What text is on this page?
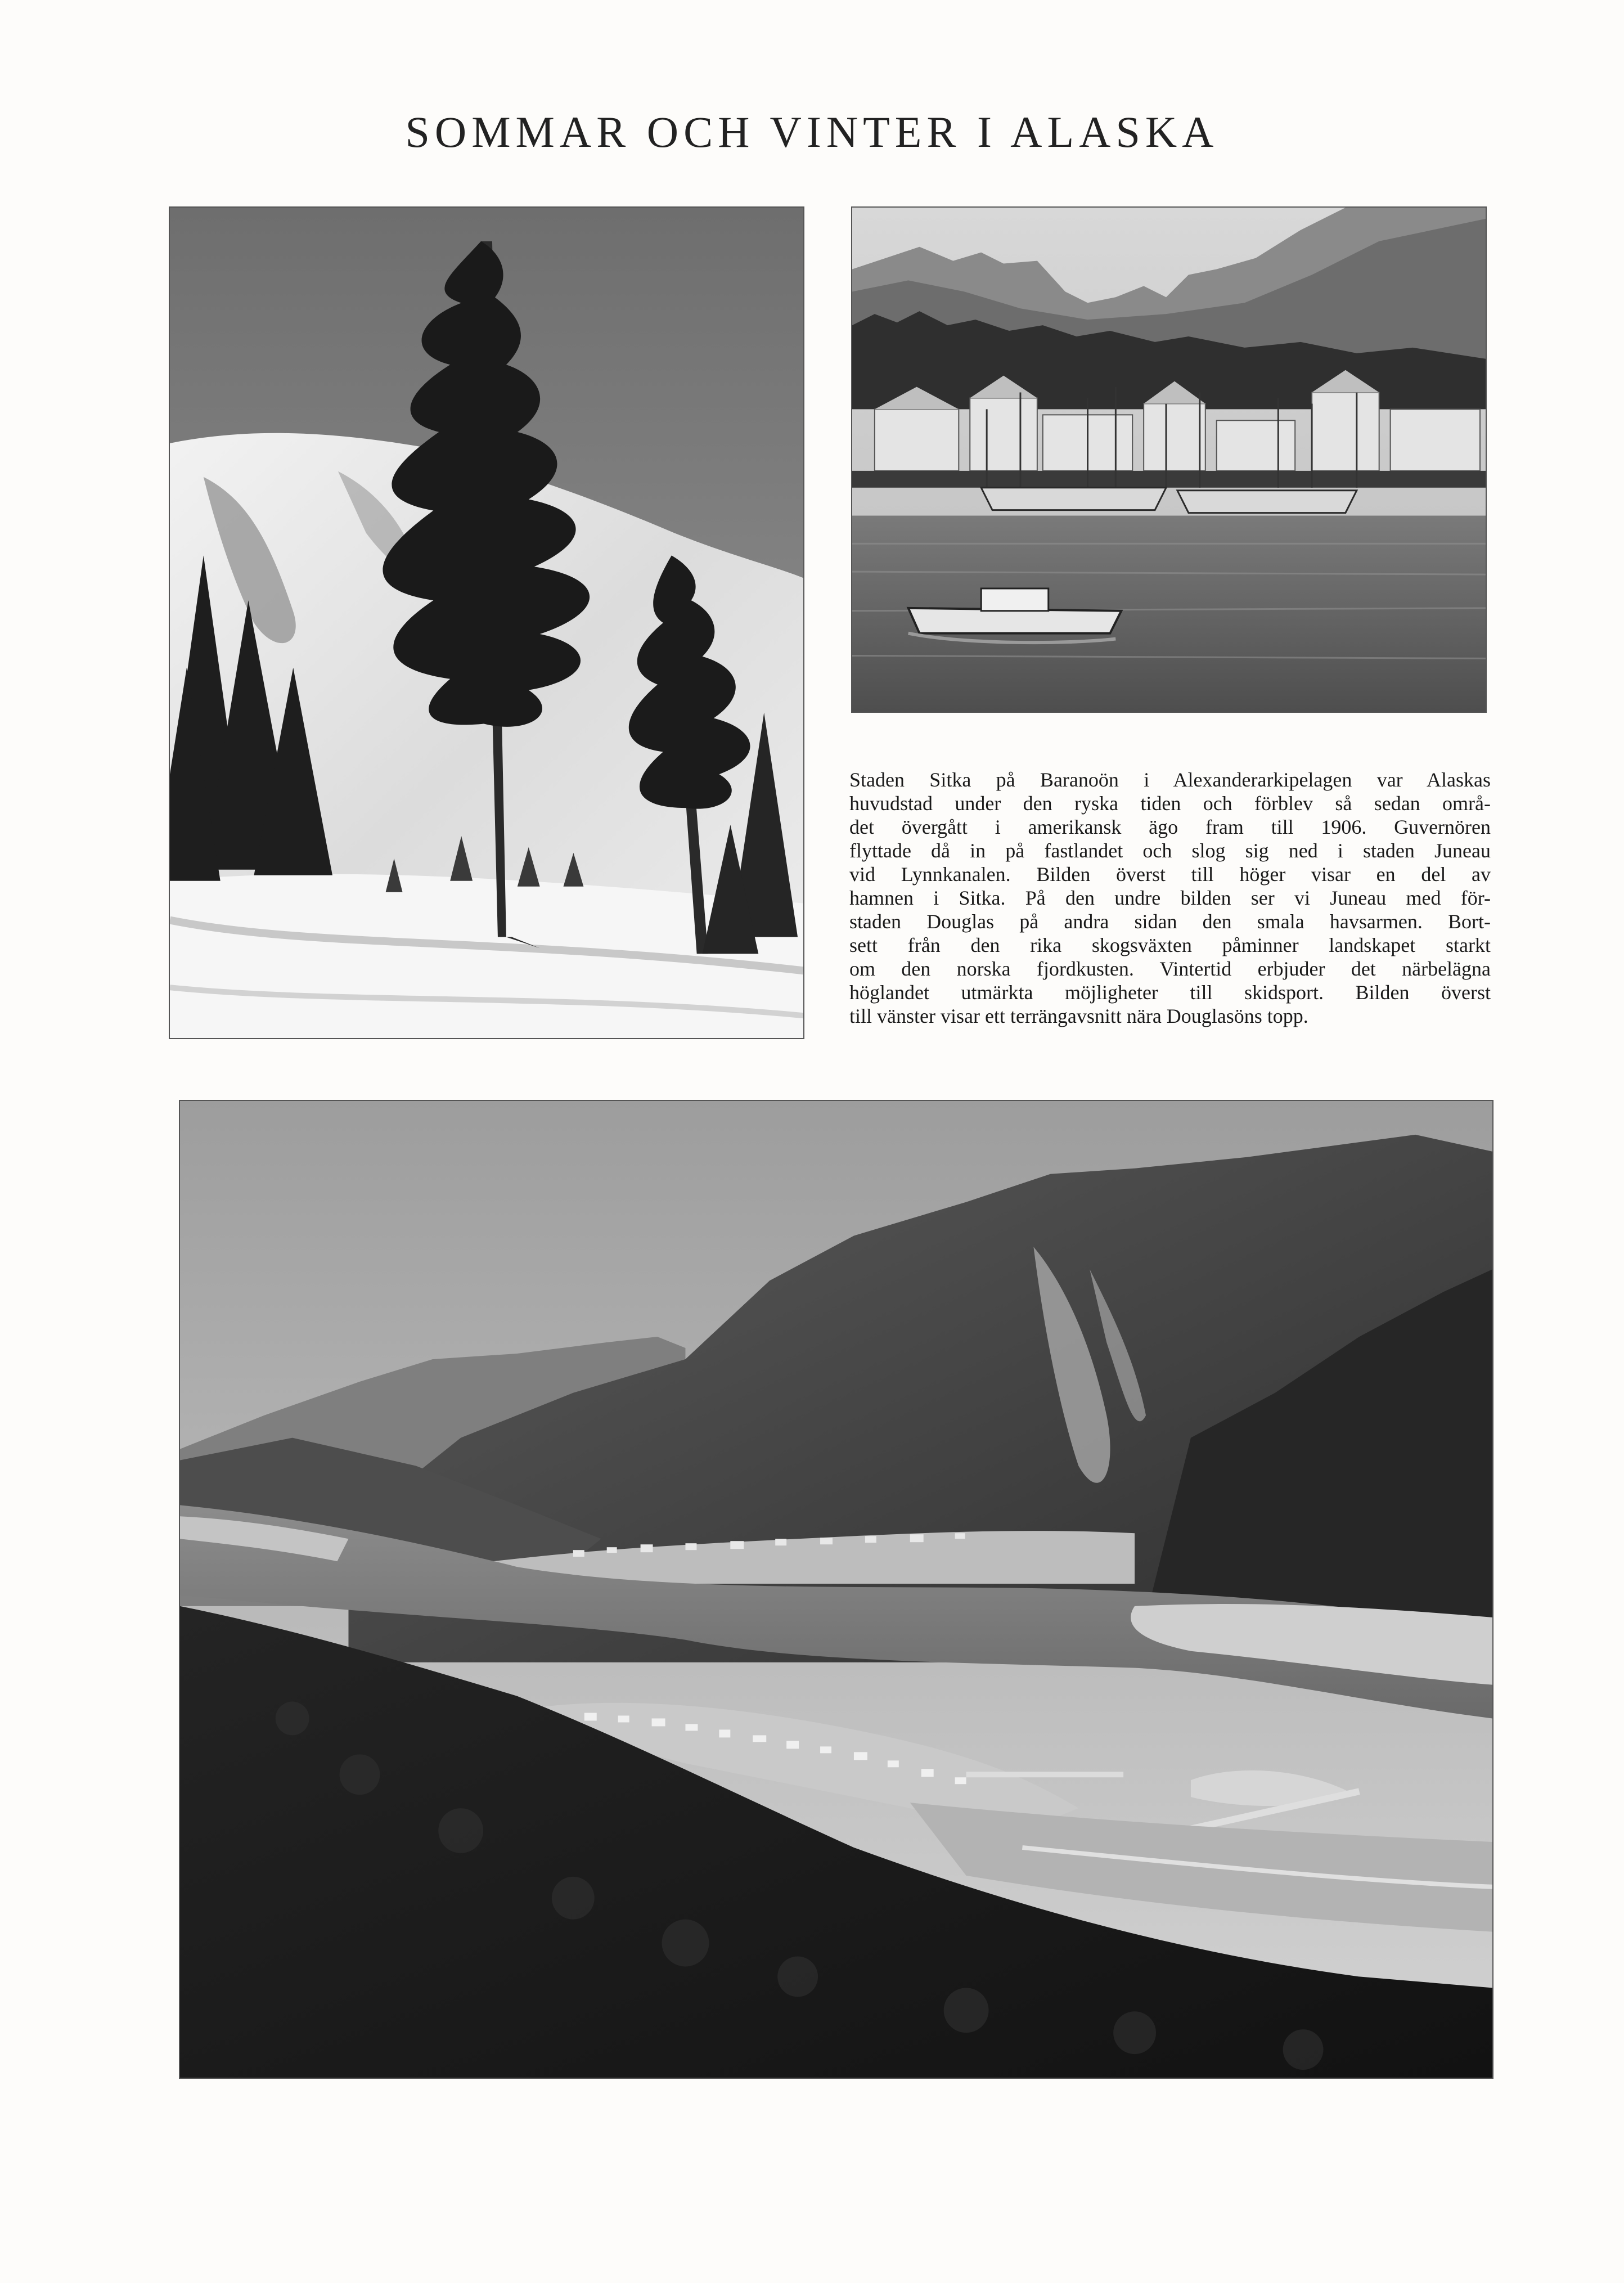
SOMMAR OCH VINTER I ALASKA
Staden Sitka på Baranoön i Alexanderarkipelagen var Alaskas
huvudstad under den ryska tiden och förblev så sedan områ-
det övergått i amerikansk ägo fram till 1906. Guvernören
flyttade då in på fastlandet och slog sig ned i staden Juneau
vid Lynnkanalen. Bilden överst till höger visar en del av
hamnen i Sitka. På den undre bilden ser vi Juneau med för-
staden Douglas på andra sidan den smala havsarmen. Bort-
sett från den rika skogsväxten påminner landskapet starkt
om den norska fjordkusten. Vintertid erbjuder det närbelägna
höglandet utmärkta möjligheter till skidsport. Bilden överst
till vänster visar ett terrängavsnitt nära Douglasöns topp.
